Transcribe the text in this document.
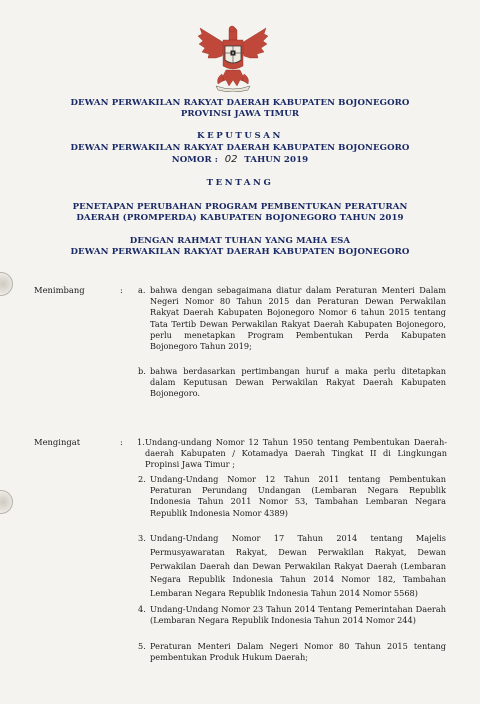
DEWAN PERWAKILAN RAKYAT DAERAH KABUPATEN BOJONEGORO
PROVINSI JAWA TIMUR
KEPUTUSAN
DEWAN PERWAKILAN RAKYAT DAERAH KABUPATEN BOJONEGORO
NOMOR : 02 TAHUN 2019
TENTANG
PENETAPAN PERUBAHAN PROGRAM PEMBENTUKAN PERATURAN
DAERAH (PROMPERDA) KABUPATEN BOJONEGORO TAHUN 2019
DENGAN RAHMAT TUHAN YANG MAHA ESA
DEWAN PERWAKILAN RAKYAT DAERAH KABUPATEN BOJONEGORO
Menimbang	: a. bahwa dengan sebagaimana diatur dalam Peraturan Menteri Dalam Negeri Nomor 80 Tahun 2015 dan Peraturan Dewan Perwakilan Rakyat Daerah Kabupaten Bojonegoro Nomor 6 tahun 2015 tentang Tata Tertib Dewan Perwakilan Rakyat Daerah Kabupaten Bojonegoro, perlu menetapkan Program Pembentukan Perda Kabupaten Bojonegoro Tahun 2019;
b. bahwa berdasarkan pertimbangan huruf a maka perlu ditetapkan dalam Keputusan Dewan Perwakilan Rakyat Daerah Kabupaten Bojonegoro.
Mengingat	: 1. Undang-undang Nomor 12 Tahun 1950 tentang Pembentukan Daerah-daerah Kabupaten / Kotamadya Daerah Tingkat II di Lingkungan Propinsi Jawa Timur ;
2. Undang-Undang Nomor 12 Tahun 2011 tentang Pembentukan Peraturan Perundang Undangan (Lembaran Negara Republik Indonesia Tahun 2011 Nomor 53, Tambahan Lembaran Negara Republik Indonesia Nomor 4389)
3. Undang-Undang Nomor 17 Tahun 2014 tentang Majelis Permusyawaratan Rakyat, Dewan Perwakilan Rakyat, Dewan Perwakilan Daerah dan Dewan Perwakilan Rakyat Daerah (Lembaran Negara Republik Indonesia Tahun 2014 Nomor 182, Tambahan Lembaran Negara Republik Indonesia Tahun 2014 Nomor 5568)
4. Undang-Undang Nomor 23 Tahun 2014 Tentang Pemerintahan Daerah (Lembaran Negara Republik Indonesia Tahun 2014 Nomor 244)
5. Peraturan Menteri Dalam Negeri Nomor 80 Tahun 2015 tentang pembentukan Produk Hukum Daerah;
